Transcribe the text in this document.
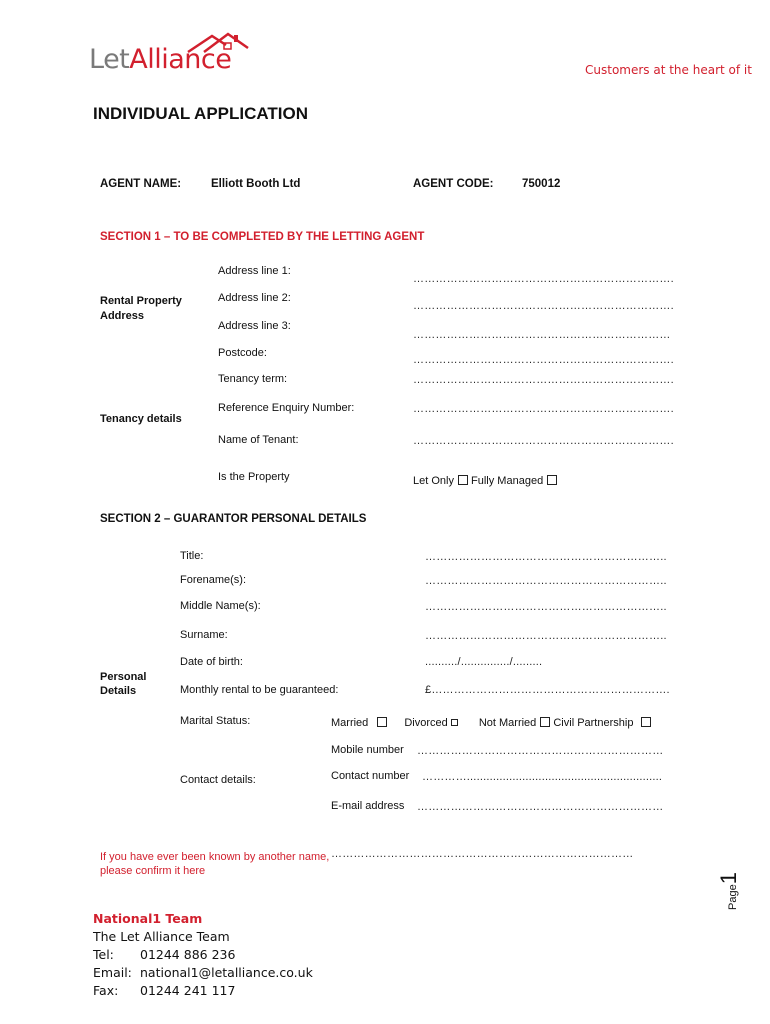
LetAlliance	Customers at the heart of it
INDIVIDUAL APPLICATION
AGENT NAME:	Elliott Booth Ltd	AGENT CODE: 750012
SECTION 1 – TO BE COMPLETED BY THE LETTING AGENT
Rental Property Address
Tenancy details
Address line 1:
…………………………………………………………….
Address line 2:
…………………………………………………………….
Address line 3:
……………………………………………………………
Postcode:
…………………………………………………………….
Tenancy term:	…………………………………………………………….
Reference Enquiry Number:	…………………………………………………………….
Name of Tenant:	…………………………………………………………….
Is the Property	Let Only Fully Managed
SECTION 2 – GUARANTOR PERSONAL DETAILS
Title:	………………………………………………………..
Forename(s):	………………………………………………………..
Middle Name(s):	………………………………………………………..
Surname:	………………………………………………………..
Date of birth:	........../.............../.........
Personal Details	Monthly rental to be guaranteed:	£……………………………………………………….
Marital Status:	Married	Divorced	Not Married Civil Partnership
Mobile number …………………………………………………………
Contact details:	Contact number …………............................................................
E-mail address …………………………………………………………
If you have ever been known by another name, please confirm it here
………………………………………………………………………
Page1
National1 Team
The Let Alliance Team
Tel: 01244 886 236
Email: national1@letalliance.co.uk
Fax: 01244 241 117
